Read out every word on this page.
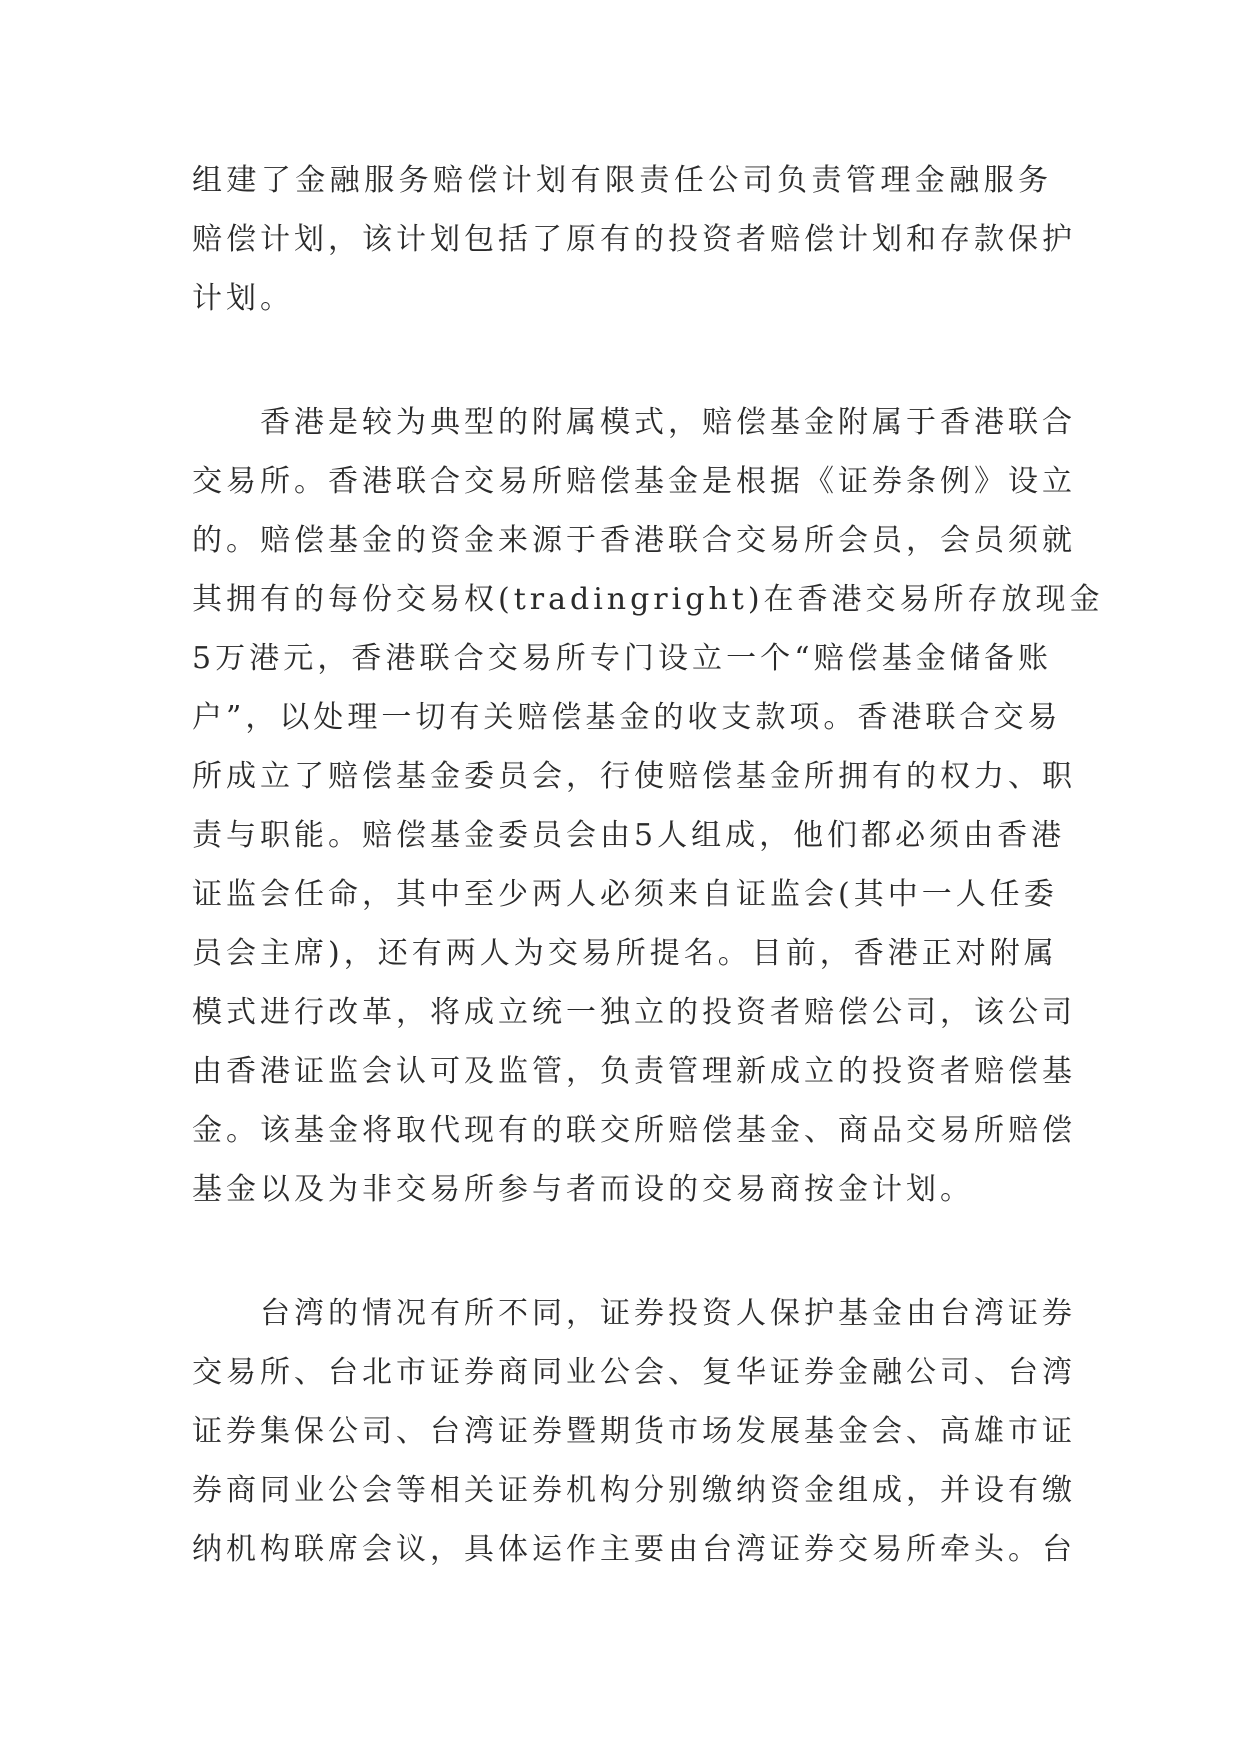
组建了金融服务赔偿计划有限责任公司负责管理金融服务
赔偿计划，该计划包括了原有的投资者赔偿计划和存款保护
计划。
　　香港是较为典型的附属模式，赔偿基金附属于香港联合
交易所。香港联合交易所赔偿基金是根据《证券条例》设立
的。赔偿基金的资金来源于香港联合交易所会员，会员须就
其拥有的每份交易权(tradingright)在香港交易所存放现金
5万港元，香港联合交易所专门设立一个“赔偿基金储备账
户”，以处理一切有关赔偿基金的收支款项。香港联合交易
所成立了赔偿基金委员会，行使赔偿基金所拥有的权力、职
责与职能。赔偿基金委员会由5人组成，他们都必须由香港
证监会任命，其中至少两人必须来自证监会(其中一人任委
员会主席)，还有两人为交易所提名。目前，香港正对附属
模式进行改革，将成立统一独立的投资者赔偿公司，该公司
由香港证监会认可及监管，负责管理新成立的投资者赔偿基
金。该基金将取代现有的联交所赔偿基金、商品交易所赔偿
基金以及为非交易所参与者而设的交易商按金计划。
　　台湾的情况有所不同，证券投资人保护基金由台湾证券
交易所、台北市证券商同业公会、复华证券金融公司、台湾
证券集保公司、台湾证券暨期货市场发展基金会、高雄市证
券商同业公会等相关证券机构分别缴纳资金组成，并设有缴
纳机构联席会议，具体运作主要由台湾证券交易所牵头。台
